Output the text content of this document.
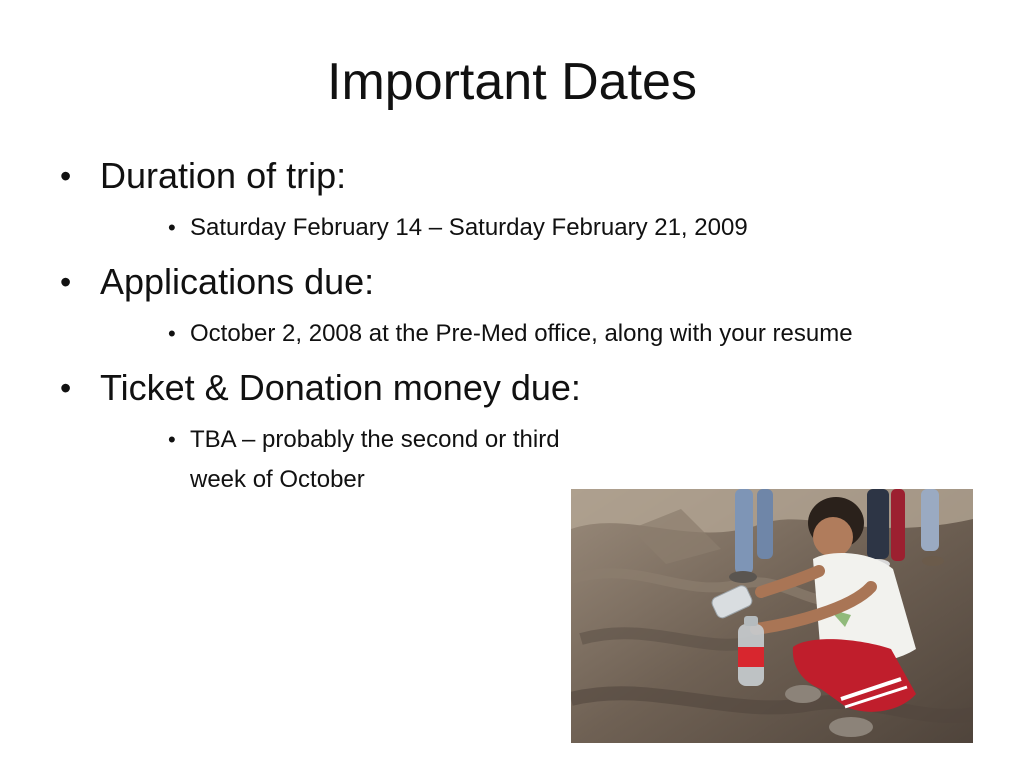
Important Dates
• Duration of trip:
• Saturday February 14 – Saturday February 21, 2009
• Applications due:
• October 2, 2008 at the Pre-Med office, along with your resume
• Ticket & Donation money due:
• TBA – probably the second or third week of October
